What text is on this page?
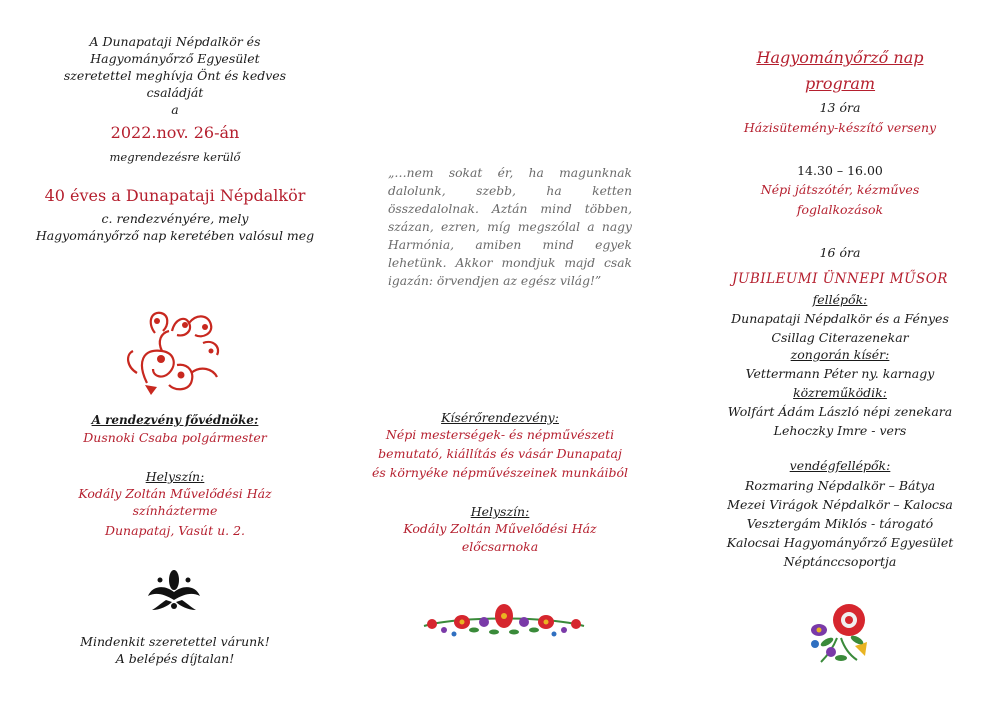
A Dunapataji Népdalkör és
Hagyományőrző Egyesület
szeretettel meghívja Önt és kedves
családját
a
2022.nov. 26-án
megrendezésre kerülő
40 éves a Dunapataji Népdalkör
c. rendezvényére, mely
Hagyományőrző nap keretében valósul meg
A rendezvény fővédnöke:
Dusnoki Csaba polgármester
Helyszín:
Kodály Zoltán Művelődési Ház
színházterme
Dunapataj, Vasút u. 2.
Mindenkit szeretettel várunk!
A belépés díjtalan!
„…nem sokat ér, ha magunknak dalolunk, szebb, ha ketten összedalolnak. Aztán mind többen, százan, ezren, míg megszólal a nagy Harmónia, amiben mind egyek lehetünk. Akkor mondjuk majd csak igazán: örvendjen az egész világ!”
Kísérőrendezvény:
Népi mesterségek- és népművészeti
bemutató, kiállítás és vásár Dunapataj
és környéke népművészeinek munkáiból
Helyszín:
Kodály Zoltán Művelődési Ház
előcsarnoka
Hagyományőrző nap
program
13 óra
Házisütemény-készítő verseny
14.30 – 16.00
Népi játszótér, kézműves
foglalkozások
16 óra
JUBILEUMI ÜNNEPI MŰSOR
fellépők:
Dunapataji Népdalkör és a Fényes
Csillag Citerazenekar
zongorán kísér:
Vettermann Péter ny. karnagy
közreműködik:
Wolfárt Ádám László népi zenekara
Lehoczky Imre - vers
vendégfellépők:
Rozmaring Népdalkör – Bátya
Mezei Virágok Népdalkör – Kalocsa
Vesztergám Miklós - tárogató
Kalocsai Hagyományőrző Egyesület
Néptánccsoportja
